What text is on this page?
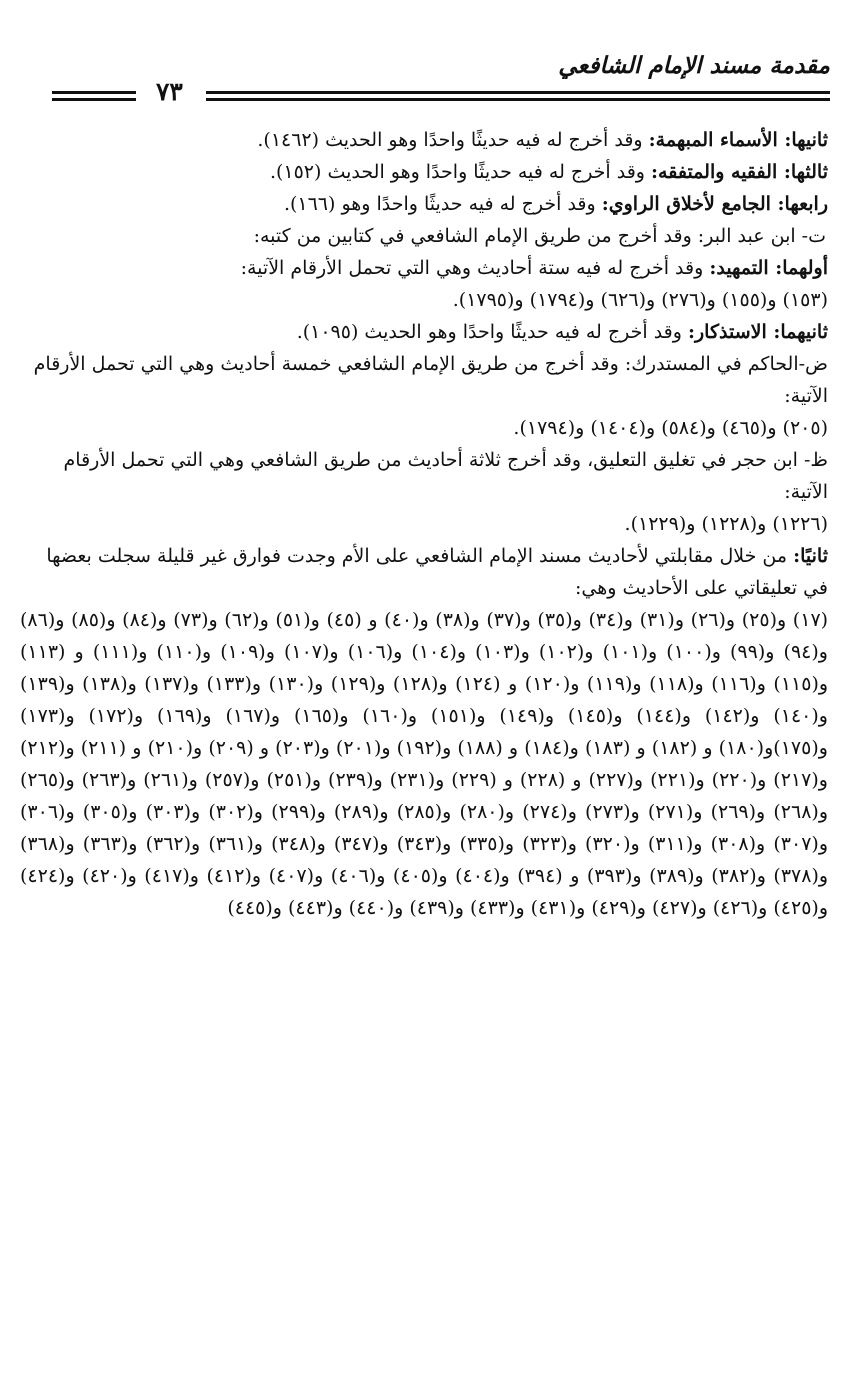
مقدمة مسند الإمام الشافعي
٧٣

ثانيها: الأسماء المبهمة: وقد أخرج له فيه حديثًا واحدًا وهو الحديث (١٤٦٢).

ثالثها: الفقيه والمتفقه: وقد أخرج له فيه حديثًا واحدًا وهو الحديث (١٥٢).

رابعها: الجامع لأخلاق الراوي: وقد أخرج له فيه حديثًا واحدًا وهو (١٦٦).

ت- ابن عبد البر: وقد أخرج من طريق الإمام الشافعي في كتابين من كتبه:

أولهما: التمهيد: وقد أخرج له فيه ستة أحاديث وهي التي تحمل الأرقام الآتية:

(١٥٣) و(١٥٥) و(٢٧٦) و(٦٢٦) و(١٧٩٤) و(١٧٩٥).

ثانيهما: الاستذكار: وقد أخرج له فيه حديثًا واحدًا وهو الحديث (١٠٩٥).

ض-الحاكم في المستدرك: وقد أخرج من طريق الإمام الشافعي خمسة أحاديث وهي التي تحمل الأرقام الآتية:

(٢٠٥) و(٤٦٥) و(٥٨٤) و(١٤٠٤) و(١٧٩٤).

ظ- ابن حجر في تغليق التعليق، وقد أخرج ثلاثة أحاديث من طريق الشافعي وهي التي تحمل الأرقام الآتية:

(١٢٢٦) و(١٢٢٨) و(١٢٢٩).

ثانيًا: من خلال مقابلتي لأحاديث مسند الإمام الشافعي على الأم وجدت فوارق غير قليلة سجلت بعضها في تعليقاتي على الأحاديث وهي:

(١٧) و(٢٥) و(٢٦) و(٣١) و(٣٤) و(٣٥) و(٣٧) و(٣٨) و(٤٠) و (٤٥) و(٥١) و(٦٢) و(٧٣) و(٨٤) و(٨٥) و(٨٦) و(٩٤) و(٩٩) و(١٠٠) و(١٠١) و(١٠٢) و(١٠٣) و(١٠٤) و(١٠٦) و(١٠٧) و(١٠٩) و(١١٠) و(١١١) و (١١٣) و(١١٥) و(١١٦) و(١١٨) و(١١٩) و(١٢٠) و (١٢٤) و(١٢٨) و(١٢٩) و(١٣٠) و(١٣٣) و(١٣٧) و(١٣٨) و(١٣٩) و(١٤٠) و(١٤٢) و(١٤٤) و(١٤٥) و(١٤٩) و(١٥١) و(١٦٠) و(١٦٥) و(١٦٧) و(١٦٩) و(١٧٢) و(١٧٣) و(١٧٥)و(١٨٠) و (١٨٢) و (١٨٣) و(١٨٤) و (١٨٨) و(١٩٢) و(٢٠١) و(٢٠٣) و (٢٠٩) و(٢١٠) و (٢١١) و(٢١٢) و(٢١٧) و(٢٢٠) و(٢٢١) و(٢٢٧) و (٢٢٨) و (٢٢٩) و(٢٣١) و(٢٣٩) و(٢٥١) و(٢٥٧) و(٢٦١) و(٢٦٣) و(٢٦٥) و(٢٦٨) و(٢٦٩) و(٢٧١) و(٢٧٣) و(٢٧٤) و(٢٨٠) و(٢٨٥) و(٢٨٩) و(٢٩٩) و(٣٠٢) و(٣٠٣) و(٣٠٥) و(٣٠٦) و(٣٠٧) و(٣٠٨) و(٣١١) و(٣٢٠) و(٣٢٣) و(٣٣٥) و(٣٤٣) و(٣٤٧) و(٣٤٨) و(٣٦١) و(٣٦٢) و(٣٦٣) و(٣٦٨) و(٣٧٨) و(٣٨٢) و(٣٨٩) و(٣٩٣) و (٣٩٤) و(٤٠٤) و(٤٠٥) و(٤٠٦) و(٤٠٧) و(٤١٢) و(٤١٧) و(٤٢٠) و(٤٢٤) و(٤٢٥) و(٤٢٦) و(٤٢٧) و(٤٢٩) و(٤٣١) و(٤٣٣) و(٤٣٩) و(٤٤٠) و(٤٤٣) و(٤٤٥)
